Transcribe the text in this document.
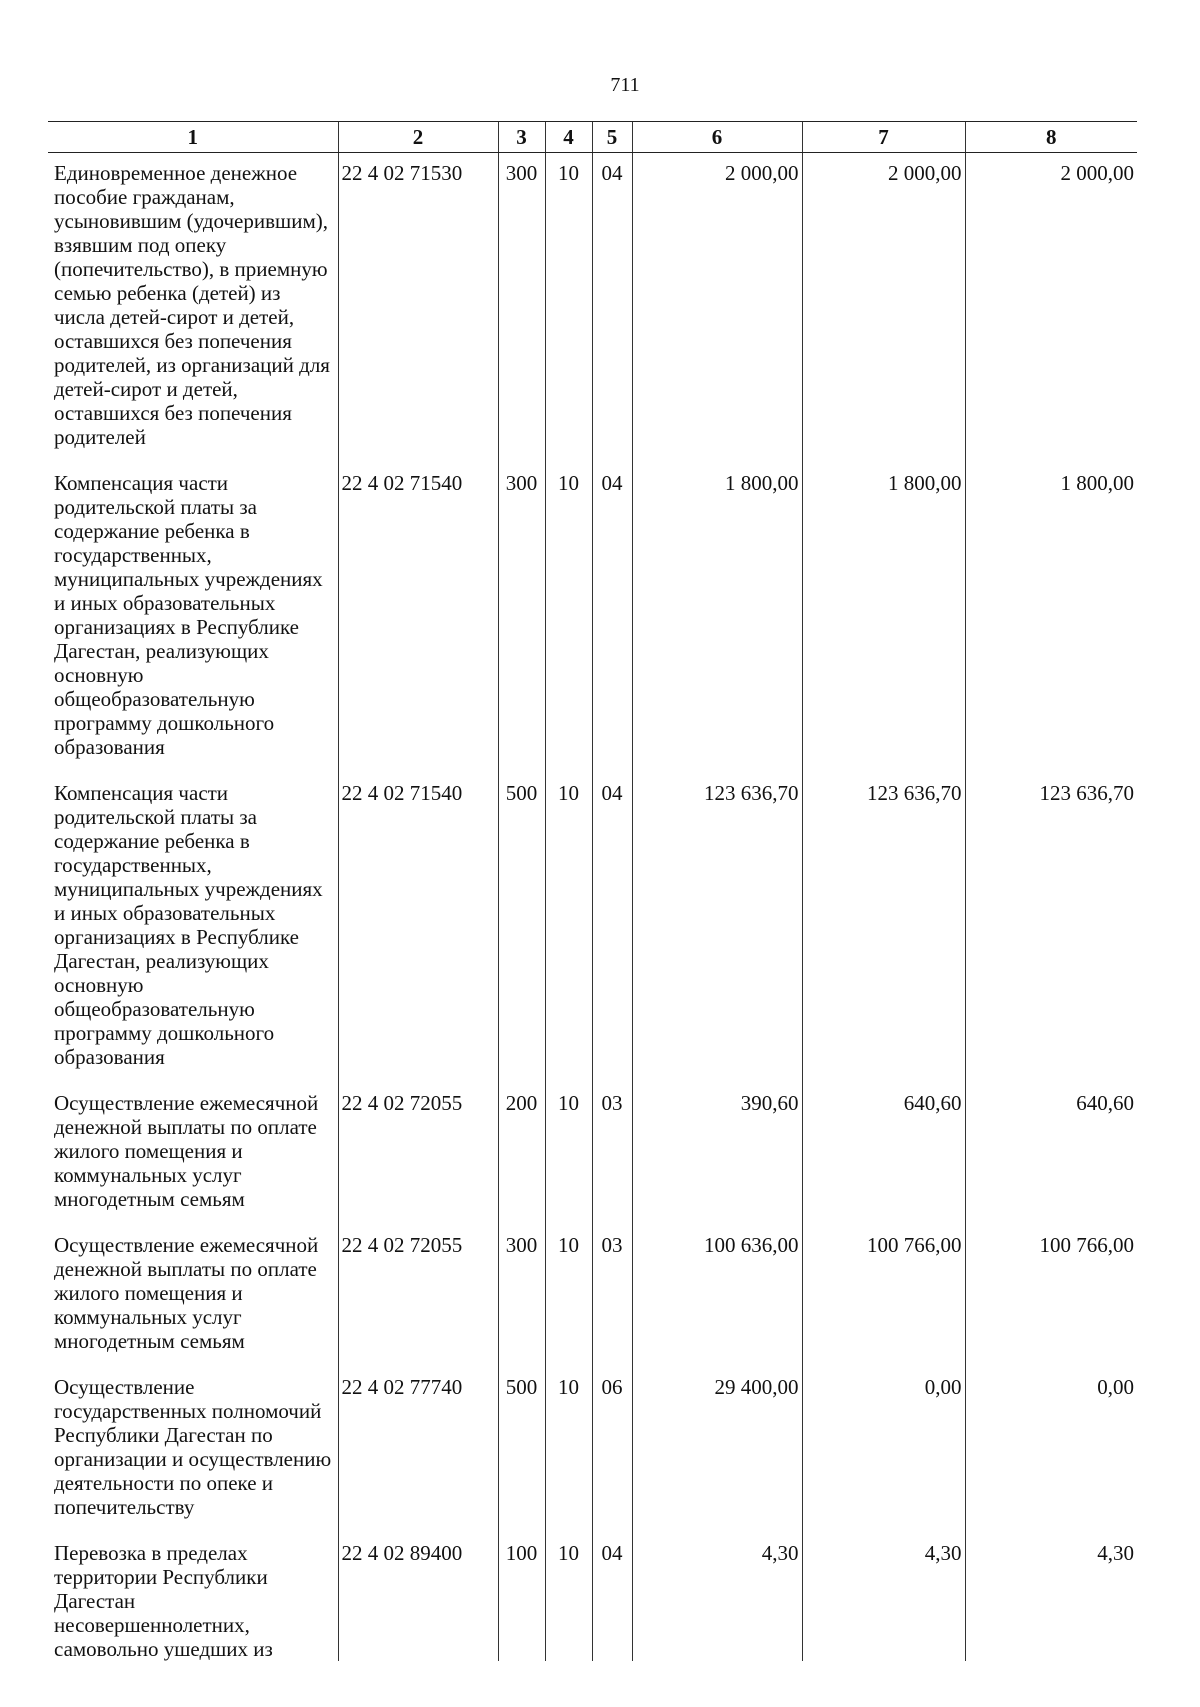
711
1	2	3	4	5	6	7	8
Единовременное денежное пособие гражданам, усыновившим (удочерившим), взявшим под опеку (попечительство), в приемную семью ребенка (детей) из числа детей-сирот и детей, оставшихся без попечения родителей, из организаций для детей-сирот и детей, оставшихся без попечения родителей	22 4 02 71530	300	10	04	2 000,00	2 000,00	2 000,00
Компенсация части родительской платы за содержание ребенка в государственных, муниципальных учреждениях и иных образовательных организациях в Республике Дагестан, реализующих основную общеобразовательную программу дошкольного образования	22 4 02 71540	300	10	04	1 800,00	1 800,00	1 800,00
Компенсация части родительской платы за содержание ребенка в государственных, муниципальных учреждениях и иных образовательных организациях в Республике Дагестан, реализующих основную общеобразовательную программу дошкольного образования	22 4 02 71540	500	10	04	123 636,70	123 636,70	123 636,70
Осуществление ежемесячной денежной выплаты по оплате жилого помещения и коммунальных услуг многодетным семьям	22 4 02 72055	200	10	03	390,60	640,60	640,60
Осуществление ежемесячной денежной выплаты по оплате жилого помещения и коммунальных услуг многодетным семьям	22 4 02 72055	300	10	03	100 636,00	100 766,00	100 766,00
Осуществление государственных полномочий Республики Дагестан по организации и осуществлению деятельности по опеке и попечительству	22 4 02 77740	500	10	06	29 400,00	0,00	0,00
Перевозка в пределах территории Республики Дагестан несовершеннолетних, самовольно ушедших из	22 4 02 89400	100	10	04	4,30	4,30	4,30
